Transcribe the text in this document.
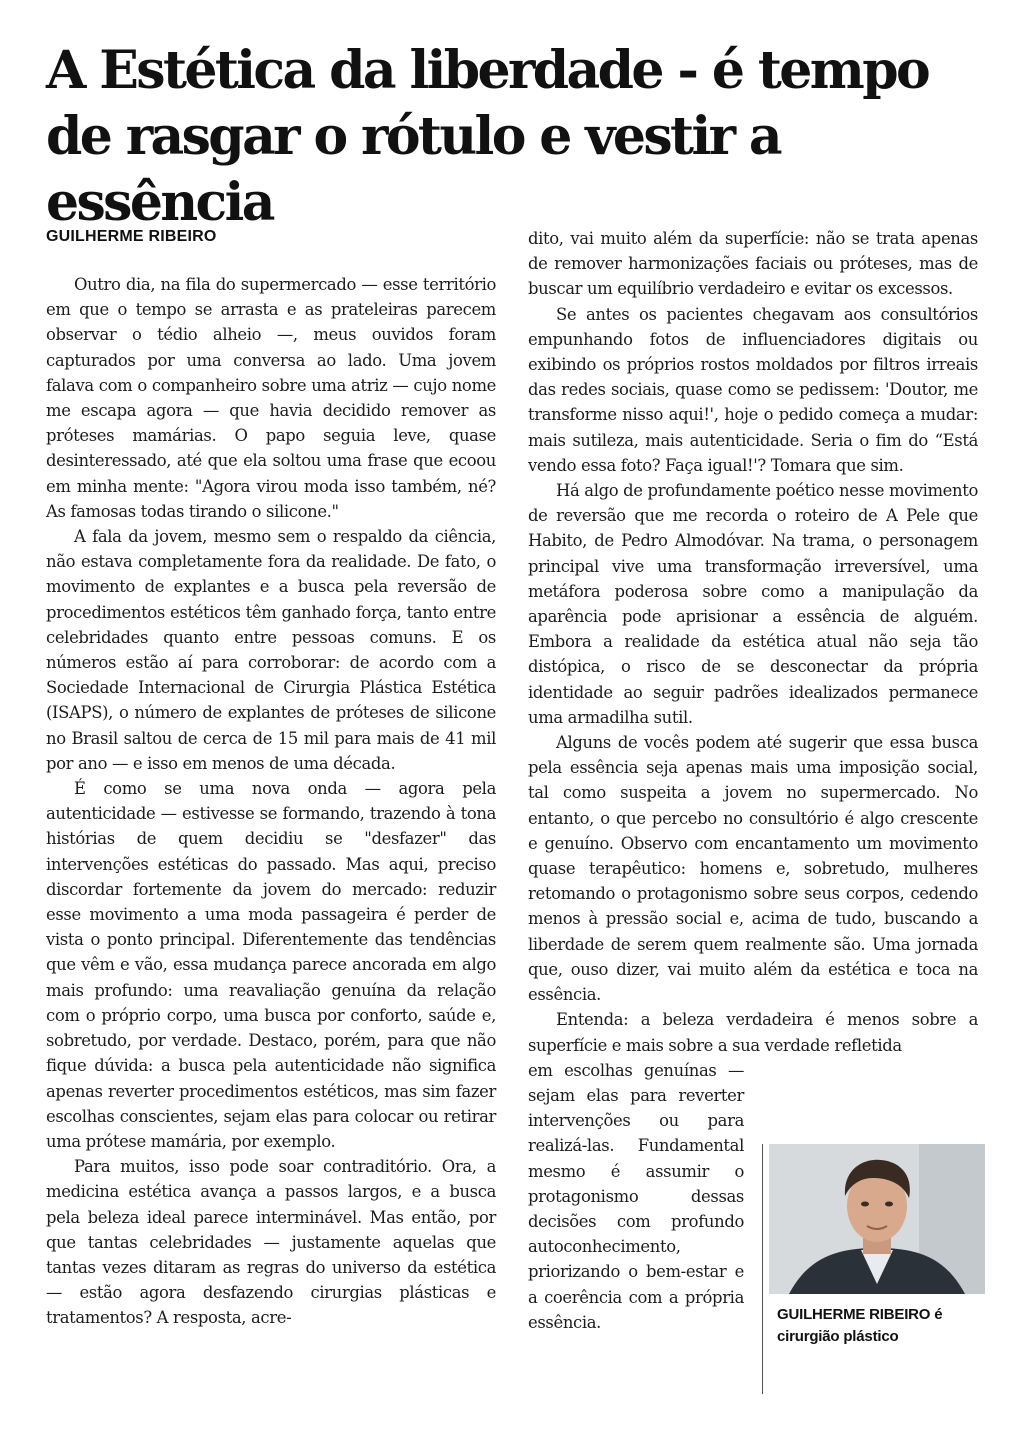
A Estética da liberdade - é tempo de rasgar o rótulo e vestir a essência
GUILHERME RIBEIRO

Outro dia, na fila do supermercado — esse território em que o tempo se arrasta e as prateleiras parecem observar o tédio alheio —, meus ouvidos foram capturados por uma conversa ao lado. Uma jovem falava com o companheiro sobre uma atriz — cujo nome me escapa agora — que havia decidido remover as próteses mamárias. O papo seguia leve, quase desinteressado, até que ela soltou uma frase que ecoou em minha mente: "Agora virou moda isso também, né? As famosas todas tirando o silicone."

A fala da jovem, mesmo sem o respaldo da ciência, não estava completamente fora da realidade. De fato, o movimento de explantes e a busca pela reversão de procedimentos estéticos têm ganhado força, tanto entre celebridades quanto entre pessoas comuns. E os números estão aí para corroborar: de acordo com a Sociedade Internacional de Cirurgia Plástica Estética (ISAPS), o número de explantes de próteses de silicone no Brasil saltou de cerca de 15 mil para mais de 41 mil por ano — e isso em menos de uma década.

É como se uma nova onda — agora pela autenticidade — estivesse se formando, trazendo à tona histórias de quem decidiu se "desfazer" das intervenções estéticas do passado. Mas aqui, preciso discordar fortemente da jovem do mercado: reduzir esse movimento a uma moda passageira é perder de vista o ponto principal. Diferentemente das tendências que vêm e vão, essa mudança parece ancorada em algo mais profundo: uma reavaliação genuína da relação com o próprio corpo, uma busca por conforto, saúde e, sobretudo, por verdade. Destaco, porém, para que não fique dúvida: a busca pela autenticidade não significa apenas reverter procedimentos estéticos, mas sim fazer escolhas conscientes, sejam elas para colocar ou retirar uma prótese mamária, por exemplo.

Para muitos, isso pode soar contraditório. Ora, a medicina estética avança a passos largos, e a busca pela beleza ideal parece interminável. Mas então, por que tantas celebridades — justamente aquelas que tantas vezes ditaram as regras do universo da estética — estão agora desfazendo cirurgias plásticas e tratamentos? A resposta, acre-

dito, vai muito além da superfície: não se trata apenas de remover harmonizações faciais ou próteses, mas de buscar um equilíbrio verdadeiro e evitar os excessos.

Se antes os pacientes chegavam aos consultórios empunhando fotos de influenciadores digitais ou exibindo os próprios rostos moldados por filtros irreais das redes sociais, quase como se pedissem: 'Doutor, me transforme nisso aqui!', hoje o pedido começa a mudar: mais sutileza, mais autenticidade. Seria o fim do “Está vendo essa foto? Faça igual!'? Tomara que sim.

Há algo de profundamente poético nesse movimento de reversão que me recorda o roteiro de A Pele que Habito, de Pedro Almodóvar. Na trama, o personagem principal vive uma transformação irreversível, uma metáfora poderosa sobre como a manipulação da aparência pode aprisionar a essência de alguém. Embora a realidade da estética atual não seja tão distópica, o risco de se desconectar da própria identidade ao seguir padrões idealizados permanece uma armadilha sutil.

Alguns de vocês podem até sugerir que essa busca pela essência seja apenas mais uma imposição social, tal como suspeita a jovem no supermercado. No entanto, o que percebo no consultório é algo crescente e genuíno. Observo com encantamento um movimento quase terapêutico: homens e, sobretudo, mulheres retomando o protagonismo sobre seus corpos, cedendo menos à pressão social e, acima de tudo, buscando a liberdade de serem quem realmente são. Uma jornada que, ouso dizer, vai muito além da estética e toca na essência.

Entenda: a beleza verdadeira é menos sobre a superfície e mais sobre a sua verdade refletida

em escolhas genuínas — sejam elas para reverter intervenções ou para realizá-las. Fundamental mesmo é assumir o protagonismo dessas decisões com profundo autoconhecimento, priorizando o bem-estar e a coerência com a própria essência.	GUILHERME RIBEIRO é cirurgião plástico
